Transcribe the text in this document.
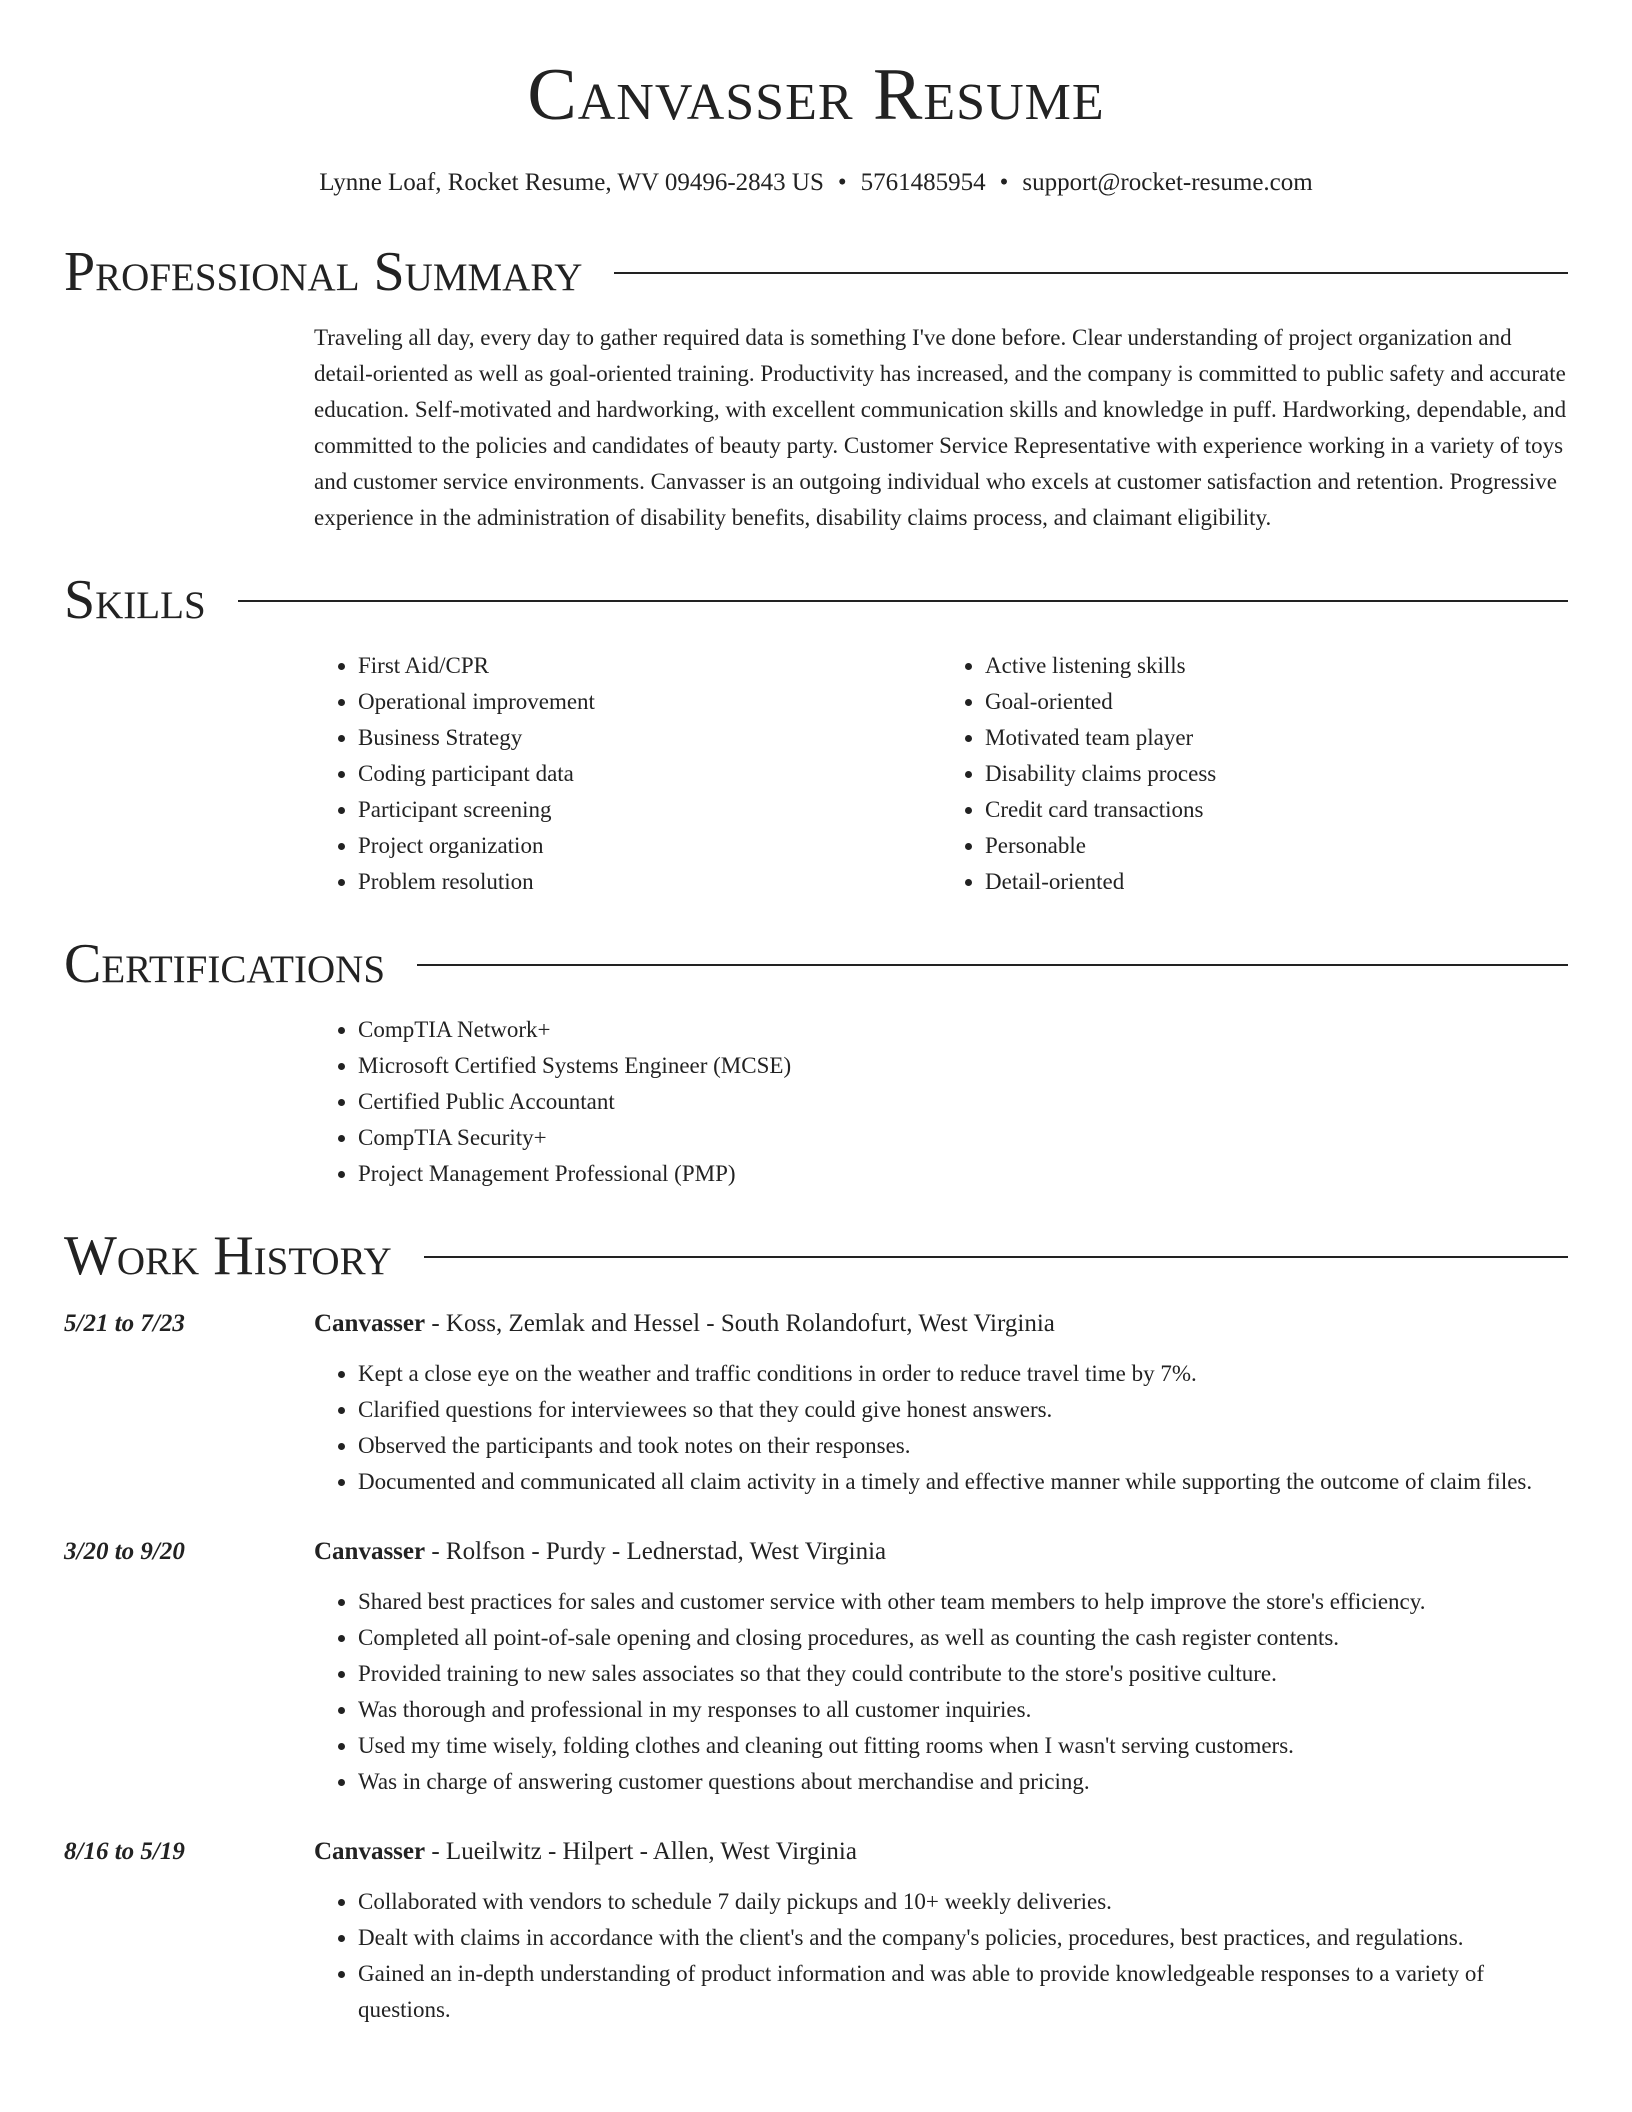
Canvasser Resume
Lynne Loaf, Rocket Resume, WV 09496-2843 US • 5761485954 • support@rocket-resume.com
Professional Summary

Traveling all day, every day to gather required data is something I've done before. Clear understanding of project organization and detail-oriented as well as goal-oriented training. Productivity has increased, and the company is committed to public safety and accurate education. Self-motivated and hardworking, with excellent communication skills and knowledge in puff. Hardworking, dependable, and committed to the policies and candidates of beauty party. Customer Service Representative with experience working in a variety of toys and customer service environments. Canvasser is an outgoing individual who excels at customer satisfaction and retention. Progressive experience in the administration of disability benefits, disability claims process, and claimant eligibility.

Skills
• First Aid/CPR
• Operational improvement
• Business Strategy
• Coding participant data
• Participant screening
• Project organization
• Problem resolution
• Active listening skills
• Goal-oriented
• Motivated team player
• Disability claims process
• Credit card transactions
• Personable
• Detail-oriented
Certifications
• CompTIA Network+
• Microsoft Certified Systems Engineer (MCSE)
• Certified Public Accountant
• CompTIA Security+
• Project Management Professional (PMP)
Work History
5/21 to 7/23	Canvasser - Koss, Zemlak and Hessel - South Rolandofurt, West Virginia
• Kept a close eye on the weather and traffic conditions in order to reduce travel time by 7%.
• Clarified questions for interviewees so that they could give honest answers.
• Observed the participants and took notes on their responses.
• Documented and communicated all claim activity in a timely and effective manner while supporting the outcome of claim files.
3/20 to 9/20	Canvasser - Rolfson - Purdy - Lednerstad, West Virginia
• Shared best practices for sales and customer service with other team members to help improve the store's efficiency.
• Completed all point-of-sale opening and closing procedures, as well as counting the cash register contents.
• Provided training to new sales associates so that they could contribute to the store's positive culture.
• Was thorough and professional in my responses to all customer inquiries.
• Used my time wisely, folding clothes and cleaning out fitting rooms when I wasn't serving customers.
• Was in charge of answering customer questions about merchandise and pricing.
8/16 to 5/19	Canvasser - Lueilwitz - Hilpert - Allen, West Virginia
• Collaborated with vendors to schedule 7 daily pickups and 10+ weekly deliveries.
• Dealt with claims in accordance with the client's and the company's policies, procedures, best practices, and regulations.
• Gained an in-depth understanding of product information and was able to provide knowledgeable responses to a variety of questions.
